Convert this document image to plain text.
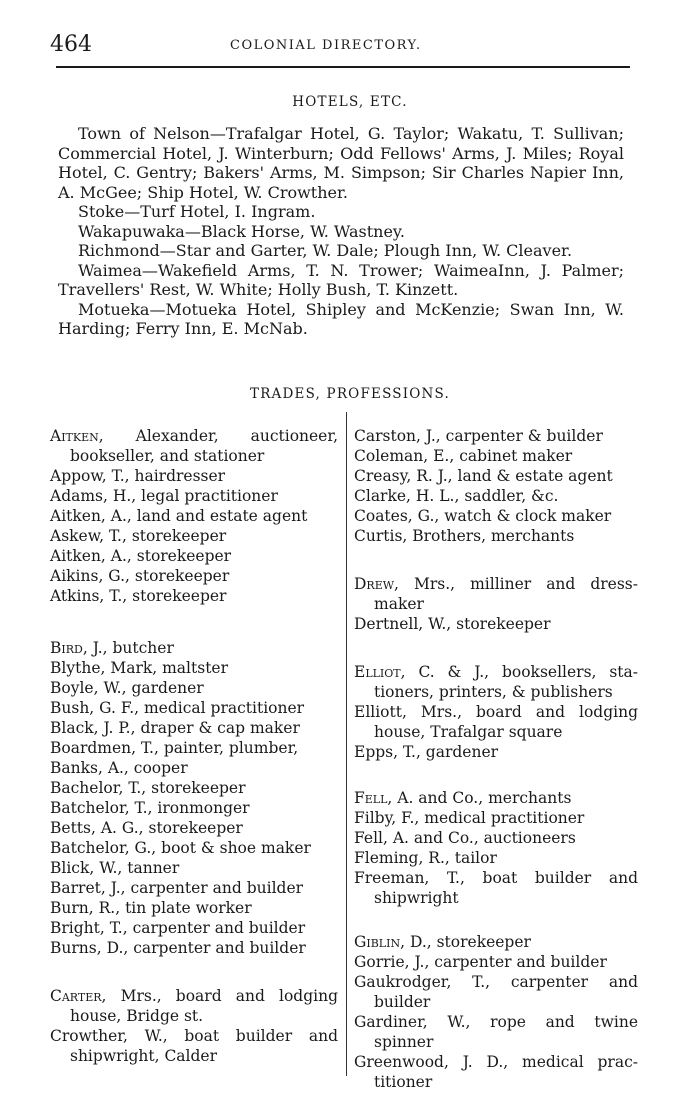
464	COLONIAL DIRECTORY.
HOTELS, ETC.

Town of Nelson—Trafalgar Hotel, G. Taylor; Wakatu, T. Sullivan; Commercial Hotel, J. Winterburn; Odd Fellows' Arms, J. Miles; Royal Hotel, C. Gentry; Bakers' Arms, M. Simpson; Sir Charles Napier Inn, A. McGee; Ship Hotel, W. Crowther.

Stoke—Turf Hotel, I. Ingram.

Wakapuwaka—Black Horse, W. Wastney.

Richmond—Star and Garter, W. Dale; Plough Inn, W. Cleaver.

Waimea—Wakefield Arms, T. N. Trower; WaimeaInn, J. Palmer; Travellers' Rest, W. White; Holly Bush, T. Kinzett.

Motueka—Motueka Hotel, Shipley and McKenzie; Swan Inn, W. Harding; Ferry Inn, E. McNab.

TRADES, PROFESSIONS.
Aitken, Alexander, auctioneer,
bookseller, and stationer
Appow, T., hairdresser
Adams, H., legal practitioner
Aitken, A., land and estate agent
Askew, T., storekeeper
Aitken, A., storekeeper
Aikins, G., storekeeper
Atkins, T., storekeeper
Bird, J., butcher
Blythe, Mark, maltster
Boyle, W., gardener
Bush, G. F., medical practitioner
Black, J. P., draper & cap maker
Boardmen, T., painter, plumber,
Banks, A., cooper
Bachelor, T., storekeeper
Batchelor, T., ironmonger
Betts, A. G., storekeeper
Batchelor, G., boot & shoe maker
Blick, W., tanner
Barret, J., carpenter and builder
Burn, R., tin plate worker
Bright, T., carpenter and builder
Burns, D., carpenter and builder
Carter, Mrs., board and lodging
house, Bridge st.
Crowther, W., boat builder and
shipwright, Calder
Carston, J., carpenter & builder
Coleman, E., cabinet maker
Creasy, R. J., land & estate agent
Clarke, H. L., saddler, &c.
Coates, G., watch & clock maker
Curtis, Brothers, merchants
Drew, Mrs., milliner and dress-
maker
Dertnell, W., storekeeper
Elliot, C. & J., booksellers, sta-
tioners, printers, & publishers
Elliott, Mrs., board and lodging
house, Trafalgar square
Epps, T., gardener
Fell, A. and Co., merchants
Filby, F., medical practitioner
Fell, A. and Co., auctioneers
Fleming, R., tailor
Freeman, T., boat builder and
shipwright
Giblin, D., storekeeper
Gorrie, J., carpenter and builder
Gaukrodger, T., carpenter and
builder
Gardiner, W., rope and twine
spinner
Greenwood, J. D., medical prac-
titioner
